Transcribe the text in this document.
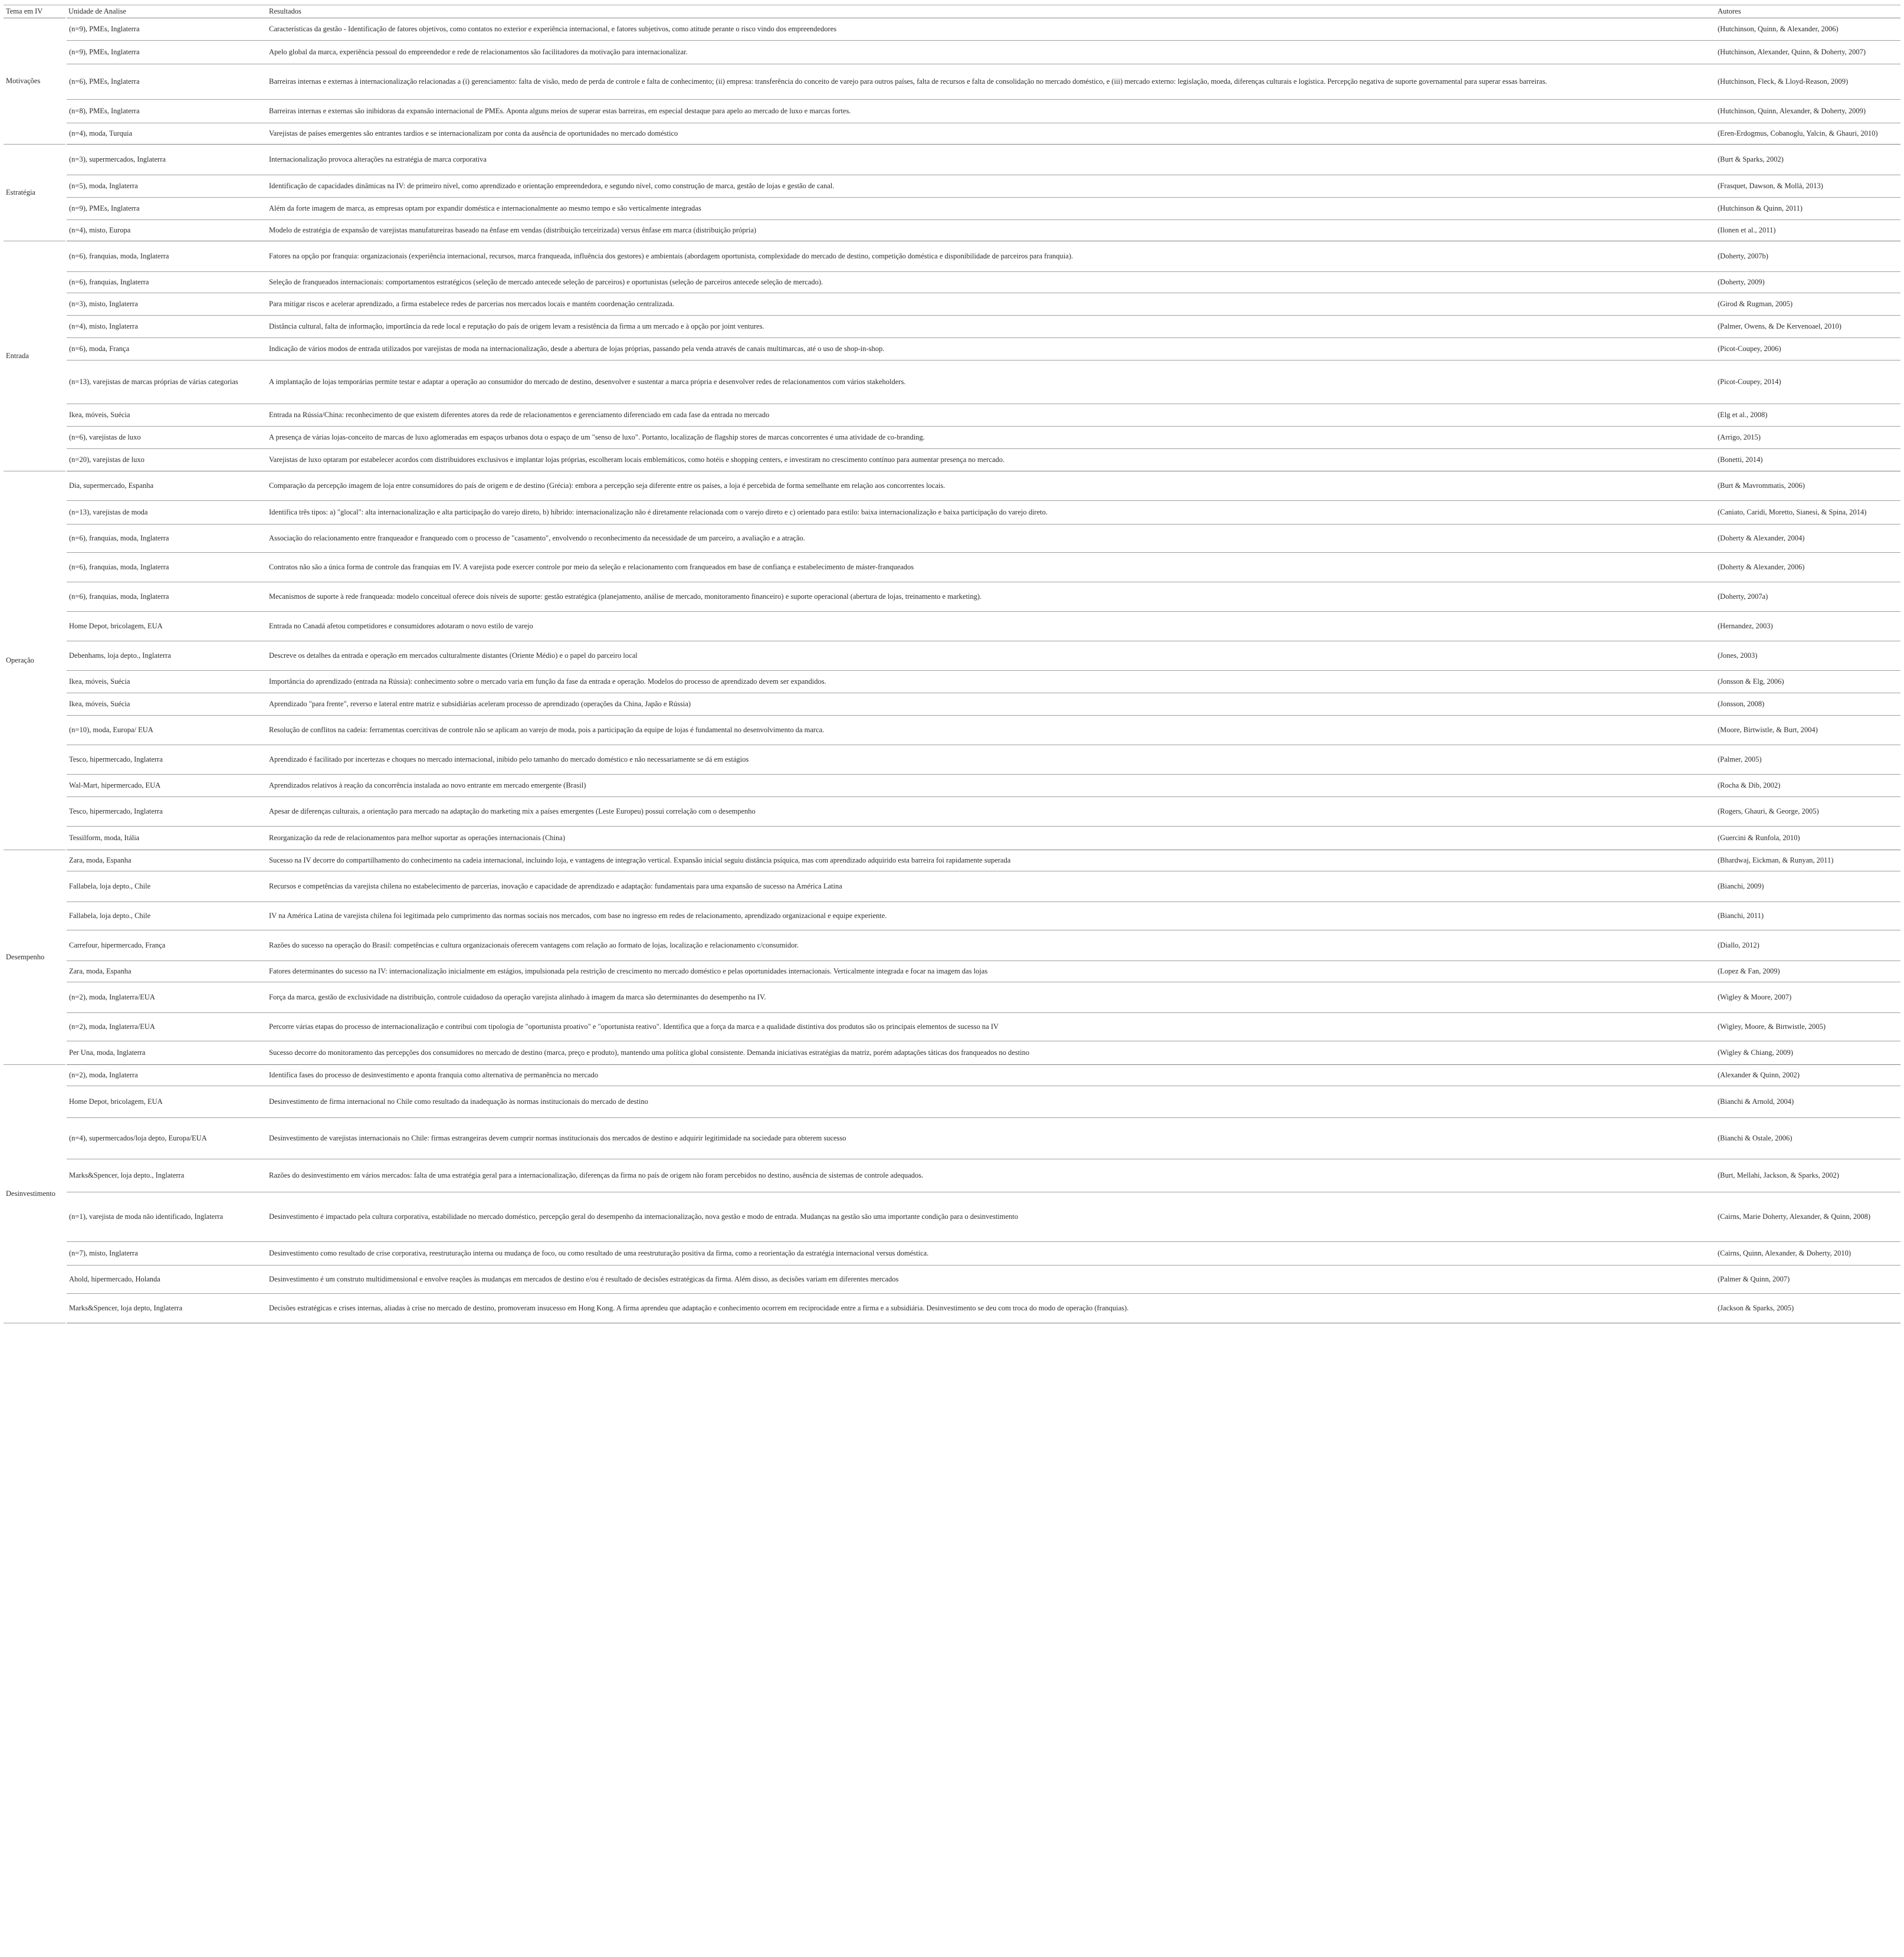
Tema em IV	Unidade de Analise	Resultados	Autores
Motivações	(n=9), PMEs, Inglaterra	Características da gestão - Identificação de fatores objetivos, como contatos no exterior e experiência internacional, e fatores subjetivos, como atitude perante o risco vindo dos empreendedores	(Hutchinson, Quinn, & Alexander, 2006)
	(n=9), PMEs, Inglaterra	Apelo global da marca, experiência pessoal do empreendedor e rede de relacionamentos são facilitadores da motivação para internacionalizar.	(Hutchinson, Alexander, Quinn, & Doherty, 2007)
	(n=6), PMEs, Inglaterra	Barreiras internas e externas à internacionalização relacionadas a (i) gerenciamento: falta de visão, medo de perda de controle e falta de conhecimento; (ii) empresa: transferência do conceito de varejo para outros países, falta de recursos e falta de consolidação no mercado doméstico, e (iii) mercado externo: legislação, moeda, diferenças culturais e logística. Percepção negativa de suporte governamental para superar essas barreiras.	(Hutchinson, Fleck, & Lloyd-Reason, 2009)
	(n=8), PMEs, Inglaterra	Barreiras internas e externas são inibidoras da expansão internacional de PMEs. Aponta alguns meios de superar estas barreiras, em especial destaque para apelo ao mercado de luxo e marcas fortes.	(Hutchinson, Quinn, Alexander, & Doherty, 2009)
	(n=4), moda, Turquia	Varejistas de países emergentes são entrantes tardios e se internacionalizam por conta da ausência de oportunidades no mercado doméstico	(Eren-Erdogmus, Cobanoglu, Yalcin, & Ghauri, 2010)
Estratégia	(n=3), supermercados, Inglaterra	Internacionalização provoca alterações na estratégia de marca corporativa	(Burt & Sparks, 2002)
	(n=5), moda, Inglaterra	Identificação de capacidades dinâmicas na IV: de primeiro nível, como aprendizado e orientação empreendedora, e segundo nível, como construção de marca, gestão de lojas e gestão de canal.	(Frasquet, Dawson, & Mollà, 2013)
	(n=9), PMEs, Inglaterra	Além da forte imagem de marca, as empresas optam por expandir doméstica e internacionalmente ao mesmo tempo e são verticalmente integradas	(Hutchinson & Quinn, 2011)
	(n=4), misto, Europa	Modelo de estratégia de expansão de varejistas manufatureiras baseado na ênfase em vendas (distribuição terceirizada) versus ênfase em marca (distribuição própria)	(Ilonen et al., 2011)
Entrada	(n=6), franquias, moda, Inglaterra	Fatores na opção por franquia: organizacionais (experiência internacional, recursos, marca franqueada, influência dos gestores) e ambientais (abordagem oportunista, complexidade do mercado de destino, competição doméstica e disponibilidade de parceiros para franquia).	(Doherty, 2007b)
	(n=6), franquias, Inglaterra	Seleção de franqueados internacionais: comportamentos estratégicos (seleção de mercado antecede seleção de parceiros) e oportunistas (seleção de parceiros antecede seleção de mercado).	(Doherty, 2009)
	(n=3), misto, Inglaterra	Para mitigar riscos e acelerar aprendizado, a firma estabelece redes de parcerias nos mercados locais e mantém coordenação centralizada.	(Girod & Rugman, 2005)
	(n=4), misto, Inglaterra	Distância cultural, falta de informação, importância da rede local e reputação do país de origem levam a resistência da firma a um mercado e à opção por joint ventures.	(Palmer, Owens, & De Kervenoael, 2010)
	(n=6), moda, França	Indicação de vários modos de entrada utilizados por varejistas de moda na internacionalização, desde a abertura de lojas próprias, passando pela venda através de canais multimarcas, até o uso de shop-in-shop.	(Picot-Coupey, 2006)
	(n=13), varejistas de marcas próprias de várias categorias	A implantação de lojas temporárias permite testar e adaptar a operação ao consumidor do mercado de destino, desenvolver e sustentar a marca própria e desenvolver redes de relacionamentos com vários stakeholders.	(Picot-Coupey, 2014)
	Ikea, móveis, Suécia	Entrada na Rússia/China: reconhecimento de que existem diferentes atores da rede de relacionamentos e gerenciamento diferenciado em cada fase da entrada no mercado	(Elg et al., 2008)
	(n=6), varejistas de luxo	A presença de várias lojas-conceito de marcas de luxo aglomeradas em espaços urbanos dota o espaço de um "senso de luxo". Portanto, localização de flagship stores de marcas concorrentes é uma atividade de co-branding.	(Arrigo, 2015)
	(n=20), varejistas de luxo	Varejistas de luxo optaram por estabelecer acordos com distribuidores exclusivos e implantar lojas próprias, escolheram locais emblemáticos, como hotéis e shopping centers, e investiram no crescimento contínuo para aumentar presença no mercado.	(Bonetti, 2014)
Operação	Dia, supermercado, Espanha	Comparação da percepção imagem de loja entre consumidores do país de origem e de destino (Grécia): embora a percepção seja diferente entre os países, a loja é percebida de forma semelhante em relação aos concorrentes locais.	(Burt & Mavrommatis, 2006)
	(n=13), varejistas de moda	Identifica três tipos: a) "glocal": alta internacionalização e alta participação do varejo direto, b) híbrido: internacionalização não é diretamente relacionada com o varejo direto e c) orientado para estilo: baixa internacionalização e baixa participação do varejo direto.	(Caniato, Caridi, Moretto, Sianesi, & Spina, 2014)
	(n=6), franquias, moda, Inglaterra	Associação do relacionamento entre franqueador e franqueado com o processo de "casamento", envolvendo o reconhecimento da necessidade de um parceiro, a avaliação e a atração.	(Doherty & Alexander, 2004)
	(n=6), franquias, moda, Inglaterra	Contratos não são a única forma de controle das franquias em IV. A varejista pode exercer controle por meio da seleção e relacionamento com franqueados em base de confiança e estabelecimento de máster-franqueados	(Doherty & Alexander, 2006)
	(n=6), franquias, moda, Inglaterra	Mecanismos de suporte à rede franqueada: modelo conceitual oferece dois níveis de suporte: gestão estratégica (planejamento, análise de mercado, monitoramento financeiro) e suporte operacional (abertura de lojas, treinamento e marketing).	(Doherty, 2007a)
	Home Depot, bricolagem, EUA	Entrada no Canadá afetou competidores e consumidores adotaram o novo estilo de varejo	(Hernandez, 2003)
	Debenhams, loja depto., Inglaterra	Descreve os detalhes da entrada e operação em mercados culturalmente distantes (Oriente Médio) e o papel do parceiro local	(Jones, 2003)
	Ikea, móveis, Suécia	Importância do aprendizado (entrada na Rússia): conhecimento sobre o mercado varia em função da fase da entrada e operação. Modelos do processo de aprendizado devem ser expandidos.	(Jonsson & Elg, 2006)
	Ikea, móveis, Suécia	Aprendizado "para frente", reverso e lateral entre matriz e subsidiárias aceleram processo de aprendizado (operações da China, Japão e Rússia)	(Jonsson, 2008)
	(n=10), moda, Europa/ EUA	Resolução de conflitos na cadeia: ferramentas coercitivas de controle não se aplicam ao varejo de moda, pois a participação da equipe de lojas é fundamental no desenvolvimento da marca.	(Moore, Birtwistle, & Burt, 2004)
	Tesco, hipermercado, Inglaterra	Aprendizado é facilitado por incertezas e choques no mercado internacional, inibido pelo tamanho do mercado doméstico e não necessariamente se dá em estágios	(Palmer, 2005)
	Wal-Mart, hipermercado, EUA	Aprendizados relativos à reação da concorrência instalada ao novo entrante em mercado emergente (Brasil)	(Rocha & Dib, 2002)
	Tesco, hipermercado, Inglaterra	Apesar de diferenças culturais, a orientação para mercado na adaptação do marketing mix a países emergentes (Leste Europeu) possui correlação com o desempenho	(Rogers, Ghauri, & George, 2005)
	Tessilform, moda, Itália	Reorganização da rede de relacionamentos para melhor suportar as operações internacionais (China)	(Guercini & Runfola, 2010)
Desempenho	Zara, moda, Espanha	Sucesso na IV decorre do compartilhamento do conhecimento na cadeia internacional, incluindo loja, e vantagens de integração vertical. Expansão inicial seguiu distância psíquica, mas com aprendizado adquirido esta barreira foi rapidamente superada	(Bhardwaj, Eickman, & Runyan, 2011)
	Fallabela, loja depto., Chile	Recursos e competências da varejista chilena no estabelecimento de parcerias, inovação e capacidade de aprendizado e adaptação: fundamentais para uma expansão de sucesso na América Latina	(Bianchi, 2009)
	Fallabela, loja depto., Chile	IV na América Latina de varejista chilena foi legitimada pelo cumprimento das normas sociais nos mercados, com base no ingresso em redes de relacionamento, aprendizado organizacional e equipe experiente.	(Bianchi, 2011)
	Carrefour, hipermercado, França	Razões do sucesso na operação do Brasil: competências e cultura organizacionais oferecem vantagens com relação ao formato de lojas, localização e relacionamento c/consumidor.	(Diallo, 2012)
	Zara, moda, Espanha	Fatores determinantes do sucesso na IV: internacionalização inicialmente em estágios, impulsionada pela restrição de crescimento no mercado doméstico e pelas oportunidades internacionais. Verticalmente integrada e focar na imagem das lojas	(Lopez & Fan, 2009)
	(n=2), moda, Inglaterra/EUA	Força da marca, gestão de exclusividade na distribuição, controle cuidadoso da operação varejista alinhado à imagem da marca são determinantes do desempenho na IV.	(Wigley & Moore, 2007)
	(n=2), moda, Inglaterra/EUA	Percorre várias etapas do processo de internacionalização e contribui com tipologia de "oportunista proativo" e "oportunista reativo". Identifica que a força da marca e a qualidade distintiva dos produtos são os principais elementos de sucesso na IV	(Wigley, Moore, & Birtwistle, 2005)
	Per Una, moda, Inglaterra	Sucesso decorre do monitoramento das percepções dos consumidores no mercado de destino (marca, preço e produto), mantendo uma política global consistente. Demanda iniciativas estratégias da matriz, porém adaptações táticas dos franqueados no destino	(Wigley & Chiang, 2009)
Desinvestimento	(n=2), moda, Inglaterra	Identifica fases do processo de desinvestimento e aponta franquia como alternativa de permanência no mercado	(Alexander & Quinn, 2002)
	Home Depot, bricolagem, EUA	Desinvestimento de firma internacional no Chile como resultado da inadequação às normas institucionais do mercado de destino	(Bianchi & Arnold, 2004)
	(n=4), supermercados/loja depto, Europa/EUA	Desinvestimento de varejistas internacionais no Chile: firmas estrangeiras devem cumprir normas institucionais dos mercados de destino e adquirir legitimidade na sociedade para obterem sucesso	(Bianchi & Ostale, 2006)
	Marks&Spencer, loja depto., Inglaterra	Razões do desinvestimento em vários mercados: falta de uma estratégia geral para a internacionalização, diferenças da firma no país de origem não foram percebidos no destino, ausência de sistemas de controle adequados.	(Burt, Mellahi, Jackson, & Sparks, 2002)
	(n=1), varejista de moda não identificado, Inglaterra	Desinvestimento é impactado pela cultura corporativa, estabilidade no mercado doméstico, percepção geral do desempenho da internacionalização, nova gestão e modo de entrada. Mudanças na gestão são uma importante condição para o desinvestimento	(Cairns, Marie Doherty, Alexander, & Quinn, 2008)
	(n=7), misto, Inglaterra	Desinvestimento como resultado de crise corporativa, reestruturação interna ou mudança de foco, ou como resultado de uma reestruturação positiva da firma, como a reorientação da estratégia internacional versus doméstica.	(Cairns, Quinn, Alexander, & Doherty, 2010)
	Ahold, hipermercado, Holanda	Desinvestimento é um construto multidimensional e envolve reações às mudanças em mercados de destino e/ou é resultado de decisões estratégicas da firma. Além disso, as decisões variam em diferentes mercados	(Palmer & Quinn, 2007)
	Marks&Spencer, loja depto, Inglaterra	Decisões estratégicas e crises internas, aliadas à crise no mercado de destino, promoveram insucesso em Hong Kong. A firma aprendeu que adaptação e conhecimento ocorrem em reciprocidade entre a firma e a subsidiária. Desinvestimento se deu com troca do modo de operação (franquias).	(Jackson & Sparks, 2005)
